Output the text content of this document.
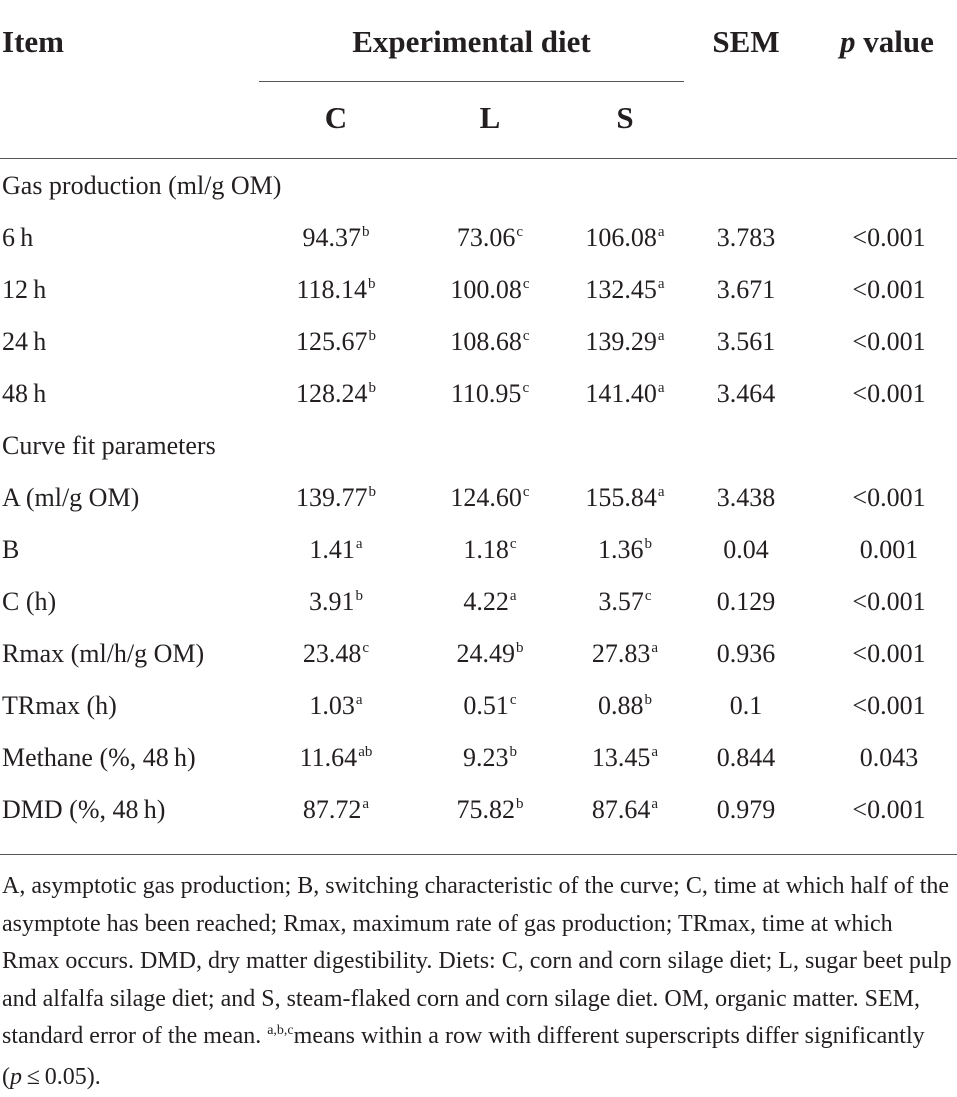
Item	Experimental diet	SEM p value
C	L	S
Gas production (ml/g OM)
6 h	94.37$^b$	73.06$^c$	106.08$^a$	3.783	<0.001
12 h	118.14$^b$	100.08$^c$	132.45$^a$	3.671	<0.001
24 h	125.67$^b$	108.68$^c$	139.29$^a$	3.561	<0.001
48 h	128.24$^b$	110.95$^c$	141.40$^a$	3.464	<0.001
Curve fit parameters
A (ml/g OM)	139.77$^b$	124.60$^c$	155.84$^a$	3.438	<0.001
B	1.41$^a$	1.18$^c$	1.36$^b$	0.04	0.001
C (h)	3.91$^b$	4.22$^a$	3.57$^c$	0.129	<0.001
Rmax (ml/h/g OM)	23.48$^c$	24.49$^b$	27.83$^a$	0.936	<0.001
TRmax (h)	1.03$^a$	0.51$^c$	0.88$^b$	0.1	<0.001
Methane (%, 48 h)	11.64$^{ab}$	9.23$^b$	13.45$^a$	0.844	0.043
DMD (%, 48 h)	87.72$^a$	75.82$^b$	87.64$^a$	0.979	<0.001
A, asymptotic gas production; B, switching characteristic of the curve; C, time at which half of the asymptote has been reached; Rmax, maximum rate of gas production; TRmax, time at which Rmax occurs. DMD, dry matter digestibility. Diets: C, corn and corn silage diet; L, sugar beet pulp and alfalfa silage diet; and S, steam-flaked corn and corn silage diet. OM, organic matter. SEM, standard error of the mean. $^{a,b,c}$means within a row with different superscripts differ significantly (p ≤ 0.05).
